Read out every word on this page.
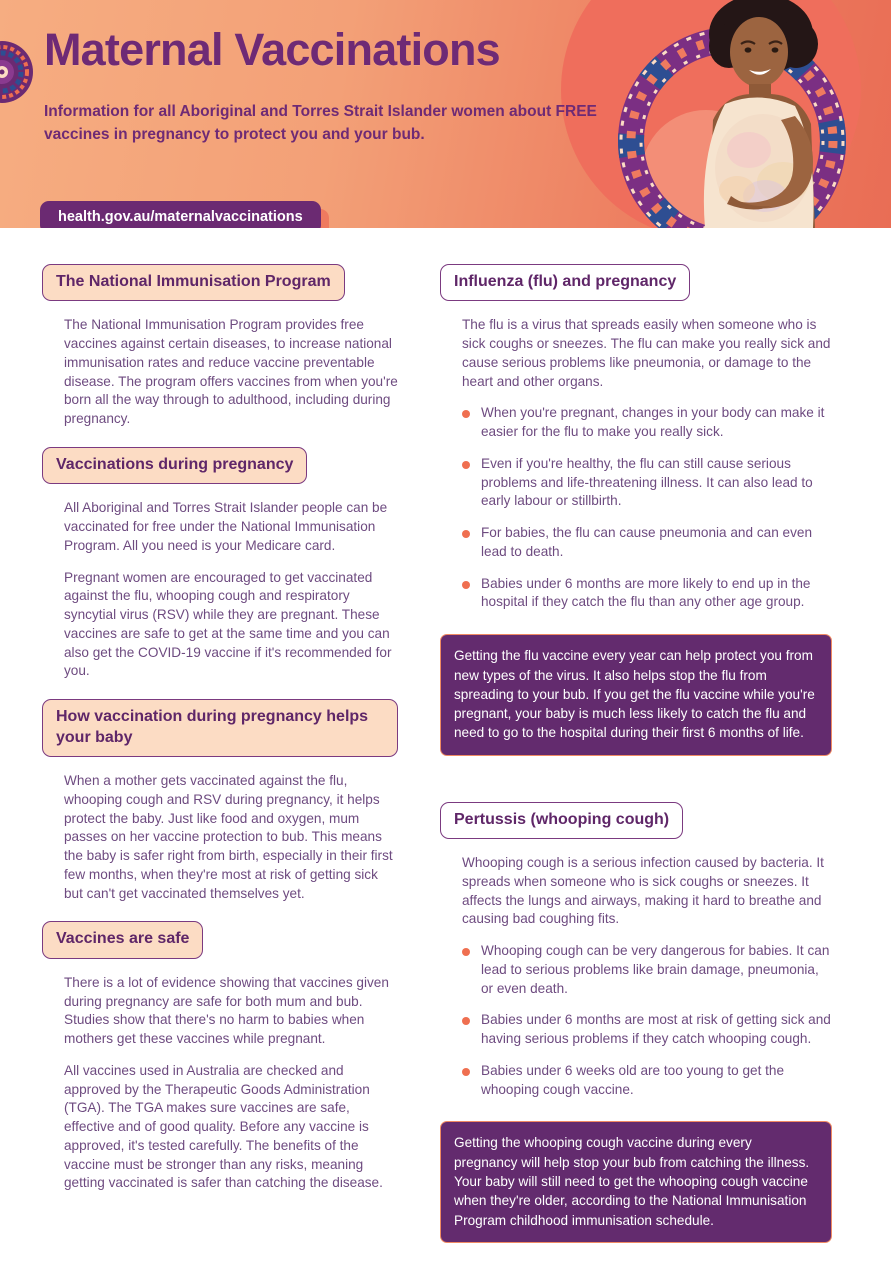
Maternal Vaccinations
Information for all Aboriginal and Torres Strait Islander women about FREE vaccines in pregnancy to protect you and your bub.
health.gov.au/maternalvaccinations
The National Immunisation Program

The National Immunisation Program provides free vaccines against certain diseases, to increase national immunisation rates and reduce vaccine preventable disease. The program offers vaccines from when you're born all the way through to adulthood, including during pregnancy.

Vaccinations during pregnancy

All Aboriginal and Torres Strait Islander people can be vaccinated for free under the National Immunisation Program. All you need is your Medicare card.

Pregnant women are encouraged to get vaccinated against the flu, whooping cough and respiratory syncytial virus (RSV) while they are pregnant. These vaccines are safe to get at the same time and you can also get the COVID-19 vaccine if it's recommended for you.

How vaccination during pregnancy helps your baby

When a mother gets vaccinated against the flu, whooping cough and RSV during pregnancy, it helps protect the baby. Just like food and oxygen, mum passes on her vaccine protection to bub. This means the baby is safer right from birth, especially in their first few months, when they're most at risk of getting sick but can't get vaccinated themselves yet.

Vaccines are safe

There is a lot of evidence showing that vaccines given during pregnancy are safe for both mum and bub. Studies show that there's no harm to babies when mothers get these vaccines while pregnant.

All vaccines used in Australia are checked and approved by the Therapeutic Goods Administration (TGA). The TGA makes sure vaccines are safe, effective and of good quality. Before any vaccine is approved, it's tested carefully. The benefits of the vaccine must be stronger than any risks, meaning getting vaccinated is safer than catching the disease.

Influenza (flu) and pregnancy

The flu is a virus that spreads easily when someone who is sick coughs or sneezes. The flu can make you really sick and cause serious problems like pneumonia, or damage to the heart and other organs.

When you're pregnant, changes in your body can make it easier for the flu to make you really sick.
Even if you're healthy, the flu can still cause serious problems and life-threatening illness. It can also lead to early labour or stillbirth.
For babies, the flu can cause pneumonia and can even lead to death.
Babies under 6 months are more likely to end up in the hospital if they catch the flu than any other age group.
Getting the flu vaccine every year can help protect you from new types of the virus. It also helps stop the flu from spreading to your bub. If you get the flu vaccine while you're pregnant, your baby is much less likely to catch the flu and need to go to the hospital during their first 6 months of life.
Pertussis (whooping cough)

Whooping cough is a serious infection caused by bacteria. It spreads when someone who is sick coughs or sneezes. It affects the lungs and airways, making it hard to breathe and causing bad coughing fits.

Whooping cough can be very dangerous for babies. It can lead to serious problems like brain damage, pneumonia, or even death.
Babies under 6 months are most at risk of getting sick and having serious problems if they catch whooping cough.
Babies under 6 weeks old are too young to get the whooping cough vaccine.
Getting the whooping cough vaccine during every pregnancy will help stop your bub from catching the illness. Your baby will still need to get the whooping cough vaccine when they're older, according to the National Immunisation Program childhood immunisation schedule.
